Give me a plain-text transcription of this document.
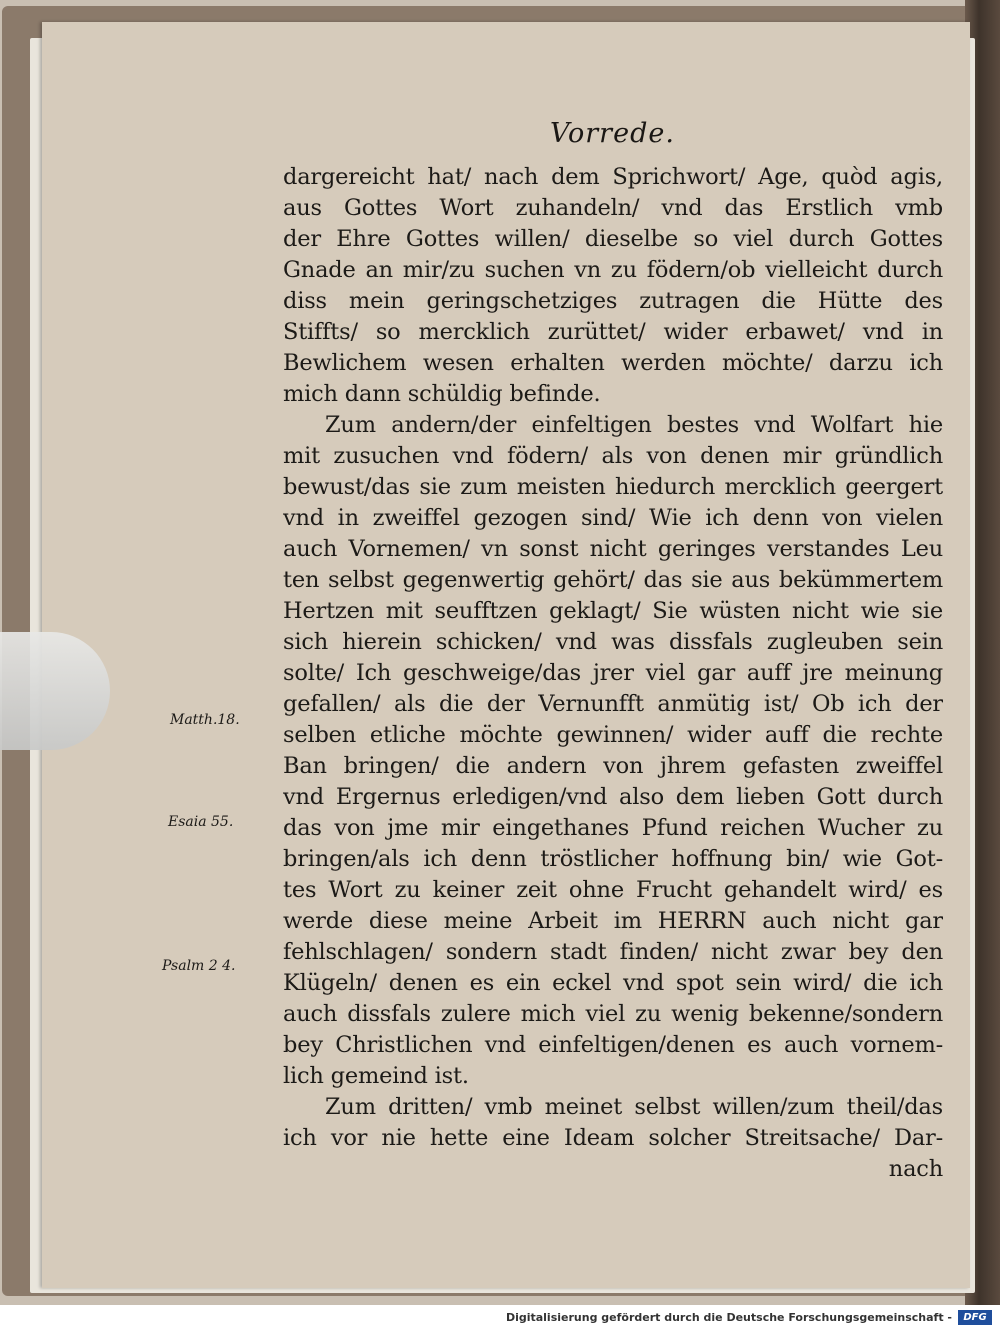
Vorrede.
dargereicht hat/ nach dem Sprichwort/ Age, quòd agis,
aus Gottes Wort zuhandeln/ vnd das Erstlich vmb
der Ehre Gottes willen/ dieselbe so viel durch Gottes
Gnade an mir/zu suchen vn zu födern/ob vielleicht durch
diss mein geringschetziges zutragen die Hütte des
Stiffts/ so mercklich zurüttet/ wider erbawet/ vnd in
Bewlichem wesen erhalten werden möchte/ darzu ich
mich dann schüldig befinde.
Zum andern/der einfeltigen bestes vnd Wolfart hie
mit zusuchen vnd födern/ als von denen mir gründlich
bewust/das sie zum meisten hiedurch mercklich geergert
vnd in zweiffel gezogen sind/ Wie ich denn von vielen
auch Vornemen/ vn sonst nicht geringes verstandes Leu
ten selbst gegenwertig gehört/ das sie aus bekümmertem
Hertzen mit seufftzen geklagt/ Sie wüsten nicht wie sie
sich hierein schicken/ vnd was dissfals zugleuben sein
solte/ Ich geschweige/das jrer viel gar auff jre meinung
gefallen/ als die der Vernunfft anmütig ist/ Ob ich der
selben etliche möchte gewinnen/ wider auff die rechte
Ban bringen/ die andern von jhrem gefasten zweiffel
vnd Ergernus erledigen/vnd also dem lieben Gott durch
das von jme mir eingethanes Pfund reichen Wucher zu
bringen/als ich denn tröstlicher hoffnung bin/ wie Got-
tes Wort zu keiner zeit ohne Frucht gehandelt wird/ es
werde diese meine Arbeit im HERRN auch nicht gar
fehlschlagen/ sondern stadt finden/ nicht zwar bey den
Klügeln/ denen es ein eckel vnd spot sein wird/ die ich
auch dissfals zulere mich viel zu wenig bekenne/sondern
bey Christlichen vnd einfeltigen/denen es auch vornem-
lich gemeind ist.
Zum dritten/ vmb meinet selbst willen/zum theil/das
ich vor nie hette eine Ideam solcher Streitsache/ Dar-
nach
Matth.18.
Esaia 55.
Psalm 2 4.
Digitalisierung gefördert durch die Deutsche Forschungsgemeinschaft -	DFG
